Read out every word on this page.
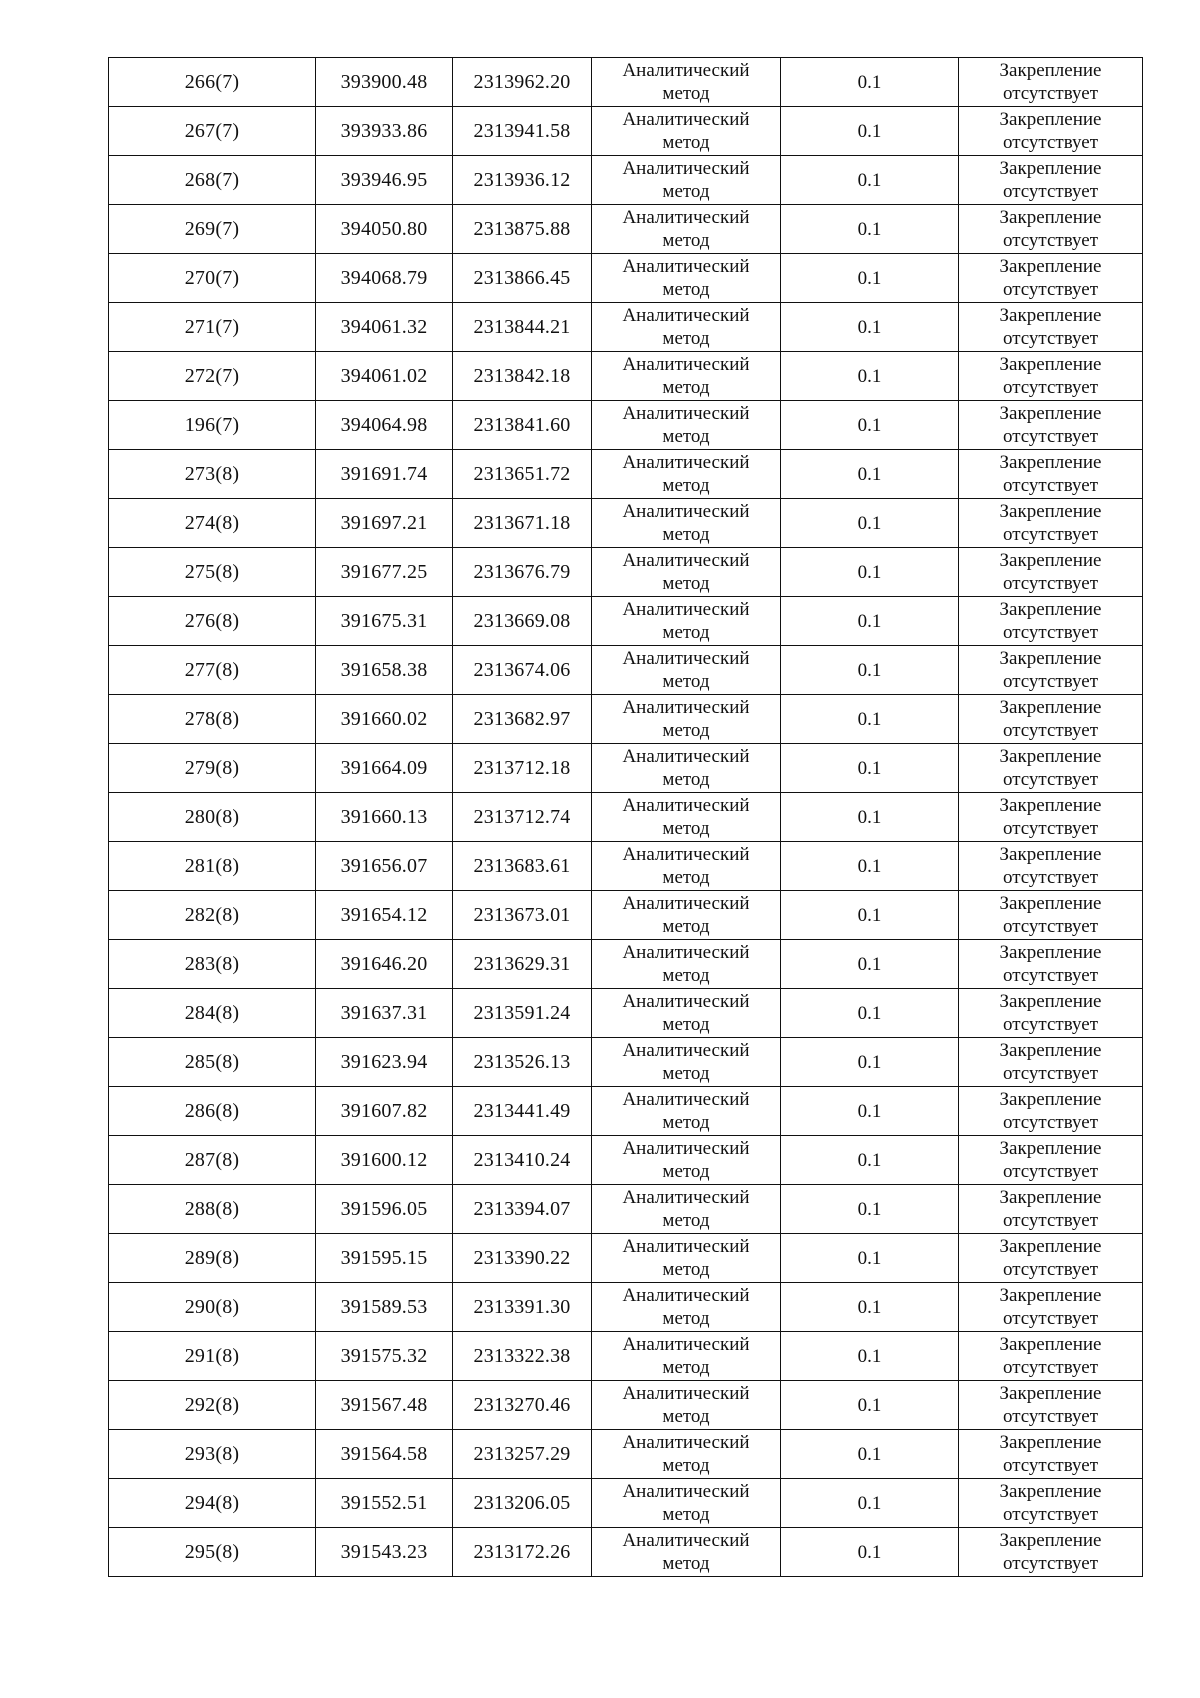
266(7)	393900.48	2313962.20	Аналитический
метод	0.1	Закрепление
отсутствует

267(7)	393933.86	2313941.58	Аналитический
метод	0.1	Закрепление
отсутствует

268(7)	393946.95	2313936.12	Аналитический
метод	0.1	Закрепление
отсутствует

269(7)	394050.80	2313875.88	Аналитический
метод	0.1	Закрепление
отсутствует

270(7)	394068.79	2313866.45	Аналитический
метод	0.1	Закрепление
отсутствует

271(7)	394061.32	2313844.21	Аналитический
метод	0.1	Закрепление
отсутствует

272(7)	394061.02	2313842.18	Аналитический
метод	0.1	Закрепление
отсутствует

196(7)	394064.98	2313841.60	Аналитический
метод	0.1	Закрепление
отсутствует

273(8)	391691.74	2313651.72	Аналитический
метод	0.1	Закрепление
отсутствует

274(8)	391697.21	2313671.18	Аналитический
метод	0.1	Закрепление
отсутствует

275(8)	391677.25	2313676.79	Аналитический
метод	0.1	Закрепление
отсутствует

276(8)	391675.31	2313669.08	Аналитический
метод	0.1	Закрепление
отсутствует

277(8)	391658.38	2313674.06	Аналитический
метод	0.1	Закрепление
отсутствует

278(8)	391660.02	2313682.97	Аналитический
метод	0.1	Закрепление
отсутствует

279(8)	391664.09	2313712.18	Аналитический
метод	0.1	Закрепление
отсутствует

280(8)	391660.13	2313712.74	Аналитический
метод	0.1	Закрепление
отсутствует

281(8)	391656.07	2313683.61	Аналитический
метод	0.1	Закрепление
отсутствует

282(8)	391654.12	2313673.01	Аналитический
метод	0.1	Закрепление
отсутствует

283(8)	391646.20	2313629.31	Аналитический
метод	0.1	Закрепление
отсутствует

284(8)	391637.31	2313591.24	Аналитический
метод	0.1	Закрепление
отсутствует

285(8)	391623.94	2313526.13	Аналитический
метод	0.1	Закрепление
отсутствует

286(8)	391607.82	2313441.49	Аналитический
метод	0.1	Закрепление
отсутствует

287(8)	391600.12	2313410.24	Аналитический
метод	0.1	Закрепление
отсутствует

288(8)	391596.05	2313394.07	Аналитический
метод	0.1	Закрепление
отсутствует

289(8)	391595.15	2313390.22	Аналитический
метод	0.1	Закрепление
отсутствует

290(8)	391589.53	2313391.30	Аналитический
метод	0.1	Закрепление
отсутствует

291(8)	391575.32	2313322.38	Аналитический
метод	0.1	Закрепление
отсутствует

292(8)	391567.48	2313270.46	Аналитический
метод	0.1	Закрепление
отсутствует

293(8)	391564.58	2313257.29	Аналитический
метод	0.1	Закрепление
отсутствует

294(8)	391552.51	2313206.05	Аналитический
метод	0.1	Закрепление
отсутствует

295(8)	391543.23	2313172.26	Аналитический
метод	0.1	Закрепление
отсутствует
